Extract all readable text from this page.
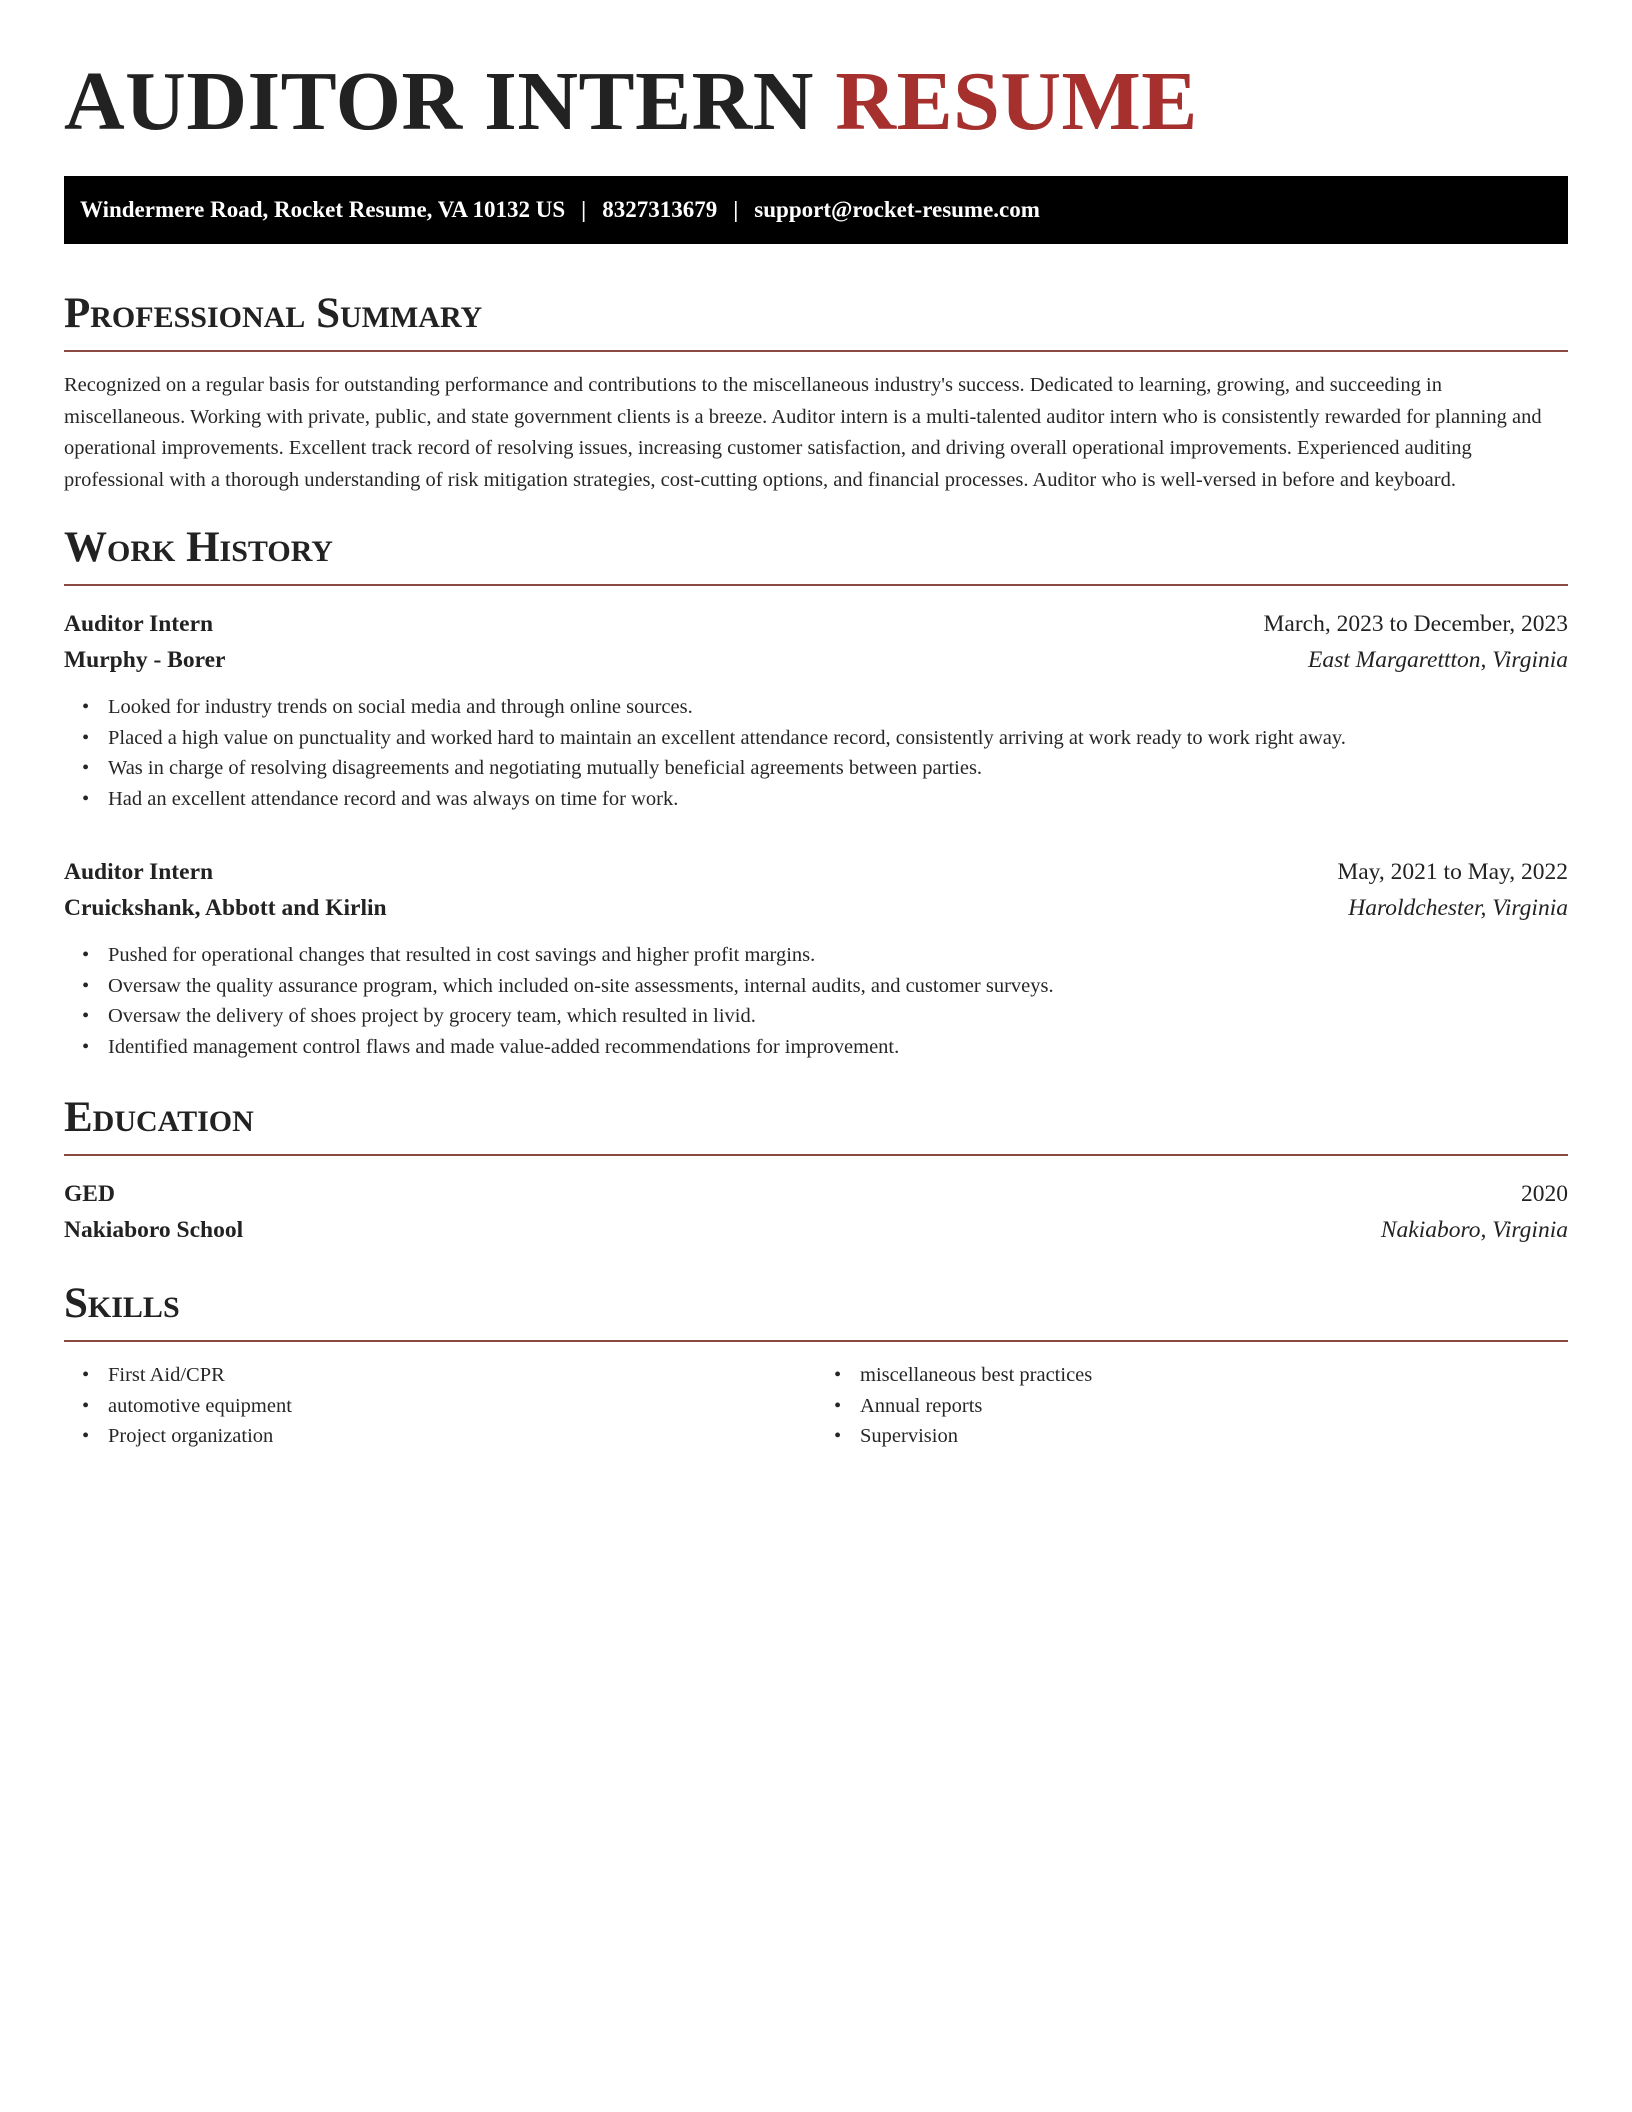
AUDITOR INTERN RESUME
Windermere Road, Rocket Resume, VA 10132 US | 8327313679 | support@rocket-resume.com
Professional Summary

Recognized on a regular basis for outstanding performance and contributions to the miscellaneous industry's success. Dedicated to learning, growing, and succeeding in miscellaneous. Working with private, public, and state government clients is a breeze. Auditor intern is a multi-talented auditor intern who is consistently rewarded for planning and operational improvements. Excellent track record of resolving issues, increasing customer satisfaction, and driving overall operational improvements. Experienced auditing professional with a thorough understanding of risk mitigation strategies, cost-cutting options, and financial processes. Auditor who is well-versed in before and keyboard.

Work History
Auditor Intern	March, 2023 to December, 2023
Murphy - Borer	East Margarettton, Virginia
• Looked for industry trends on social media and through online sources.
• Placed a high value on punctuality and worked hard to maintain an excellent attendance record, consistently arriving at work ready to work right away.
• Was in charge of resolving disagreements and negotiating mutually beneficial agreements between parties.
• Had an excellent attendance record and was always on time for work.
Auditor Intern	May, 2021 to May, 2022
Cruickshank, Abbott and Kirlin	Haroldchester, Virginia
• Pushed for operational changes that resulted in cost savings and higher profit margins.
• Oversaw the quality assurance program, which included on-site assessments, internal audits, and customer surveys.
• Oversaw the delivery of shoes project by grocery team, which resulted in livid.
• Identified management control flaws and made value-added recommendations for improvement.
Education
GED	2020
Nakiaboro School	Nakiaboro, Virginia
Skills
• First Aid/CPR
• automotive equipment
• Project organization
• miscellaneous best practices
• Annual reports
• Supervision
